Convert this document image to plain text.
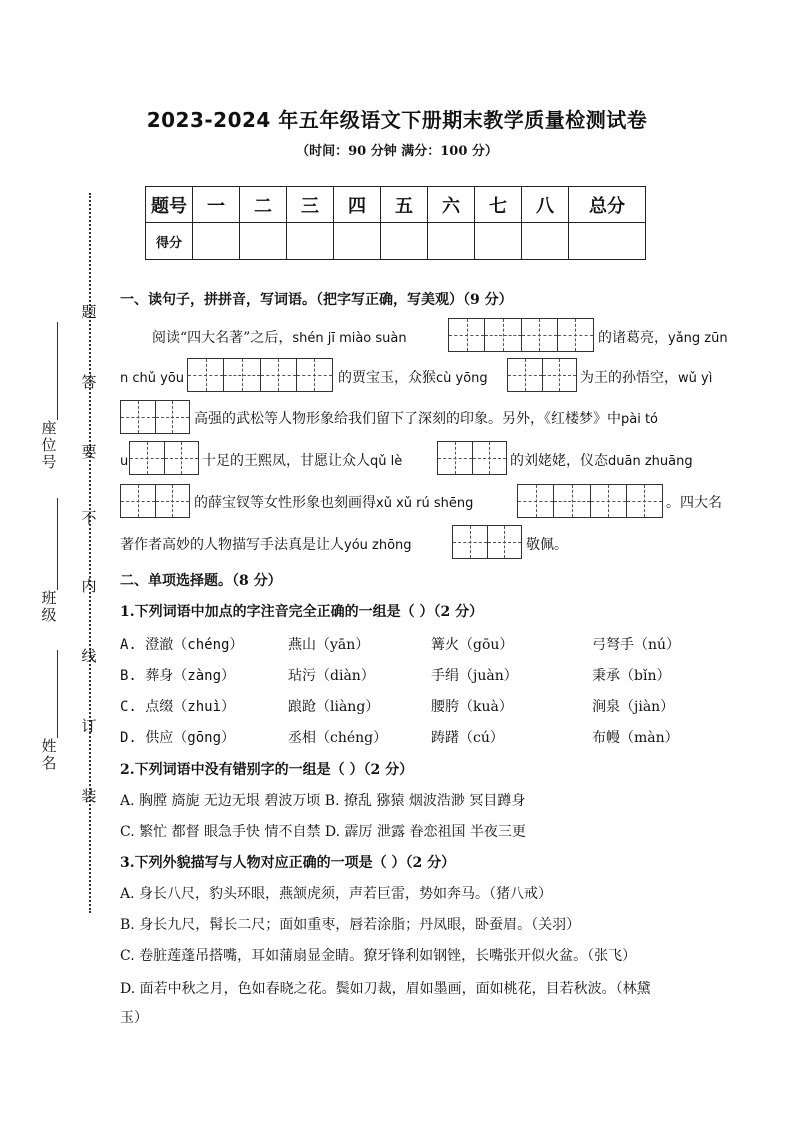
2023-2024 年五年级语文下册期末教学质量检测试卷
（时间：90 分钟 满分：100 分）
题号	一	二	三	四	五	六	七	八	总分
得分									
题
答
要
不
内
线
订
装
座
位
号
班
级
姓
名
一、读句子，拼拼音，写词语。（把字写正确，写美观）（9 分）
阅读“四大名著”之后，shén jī miào suàn	的诸葛亮，yǎng zūn
n chǔ yōu	的贾宝玉，众猴cù yōng	为王的孙悟空，wǔ yì
高强的武松等人物形象给我们留下了深刻的印象。另外，《红楼梦》中pài tó
u	十足的王熙凤，甘愿让众人qǔ lè	的刘姥姥，仪态duān zhuāng
的薛宝钗等女性形象也刻画得xǔ xǔ rú shēng	。四大名
著作者高妙的人物描写手法真是让人yóu zhōng	敬佩。
二、单项选择题。（8 分）
1.下列词语中加点的字注音完全正确的一组是（ ）（2 分）
A. 澄澈（chéng）	燕山（yān）	篝火（gōu）	弓弩手（nú）
B. 葬身（zàng）	玷污（diàn）	手绢（juàn）	秉承（bǐn）
C. 点缀（zhuì）	踉跄（liàng）	腰胯（kuà）	涧泉（jiàn）
D. 供应（gōng）	丞相（chéng）	踌躇（cú）	布幔（màn）
2.下列词语中没有错别字的一组是（ ）（2 分）
A. 胸膛 旖旎 无边无垠 碧波万顷 B. 撩乱 猕猿 烟波浩渺 冥目蹲身
C. 繁忙 都督 眼急手快 情不自禁 D. 霹厉 泄露 眷恋祖国 半夜三更
3.下列外貌描写与人物对应正确的一项是（ ）（2 分）
A. 身长八尺，豹头环眼，燕颔虎须，声若巨雷，势如奔马。（猪八戒）
B. 身长九尺，髯长二尺；面如重枣，唇若涂脂；丹凤眼，卧蚕眉。（关羽）
C. 卷脏莲蓬吊搭嘴，耳如蒲扇显金睛。獠牙锋利如钢锉，长嘴张开似火盆。（张飞）
D. 面若中秋之月，色如春晓之花。鬓如刀裁，眉如墨画，面如桃花，目若秋波。（林黛
玉）
